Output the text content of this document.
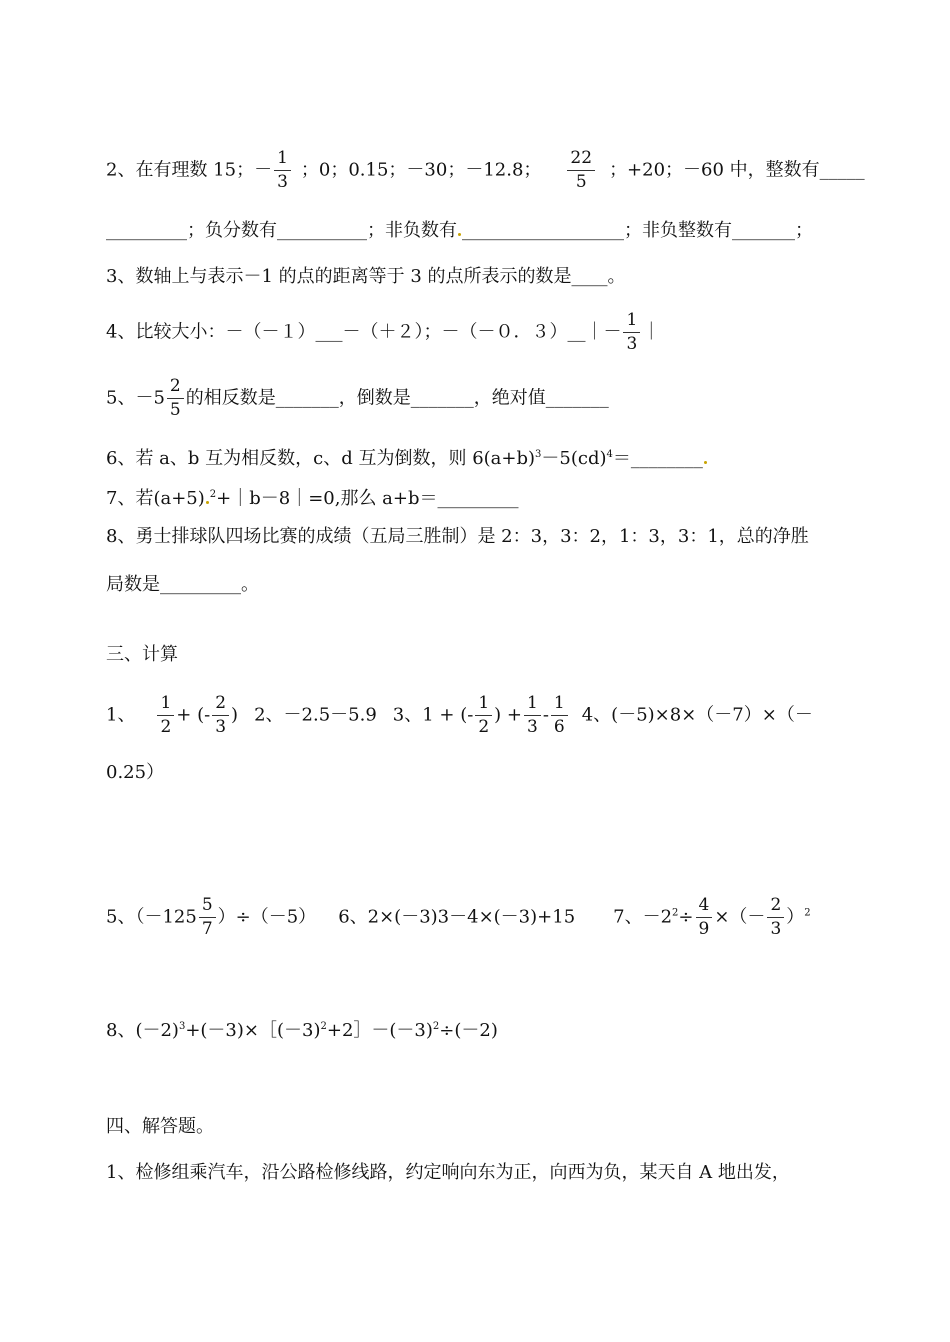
2、在有理数 15；－ $\frac{1}{3}$ ；0；0.15；－30；－12.8； $\frac{22}{5}$ ；+20；－60 中，整数有_____
_________；负分数有__________；非负数有 __________________；非负整数有_______；
3、数轴上与表示－1 的点的距离等于 3 的点所表示的数是____。
4、比较大小：－（－１）___－（＋２）；－（－０．３）__｜－ $\frac{1}{3}$ ｜
5、$-5 \frac{2}{5}$ 的相反数是_______，倒数是_______，绝对值_______
6、若 a、b 互为相反数，c、d 互为倒数，则 $6(a+b)^3-5(cd)^4=\_\_\_\_\_\_\_\_$
7、若(a+5) $^2$+｜b－8｜=0,那么 a+b＝_________
8、勇士排球队四场比赛的成绩（五局三胜制）是 2：3，3：2，1：3，3：1，总的净胜
局数是_________。
三、计算
1、 $\frac{1}{2}$ + (- $\frac{2}{3}$ ) 2、－2.5－5.9 3、1 + (- $\frac{1}{2}$ ) + $\frac{1}{3} - \frac{1}{6} 4$、(－5)×8×（－7）×（－
0.25）
5、$(-125 \frac{5}{7} )\div(-5)$ 6、2×(－3)3－4×(－3)+15 7、$-2^2\div \frac{4}{9}$ ×（－ $\frac{2}{3} )^2$
8、$(-2)^3+(-3)\times[(-3)^2+2]-(-3)^2\div(-2)$
四、解答题。
1、检修组乘汽车，沿公路检修线路，约定响向东为正，向西为负，某天自 A 地出发，
